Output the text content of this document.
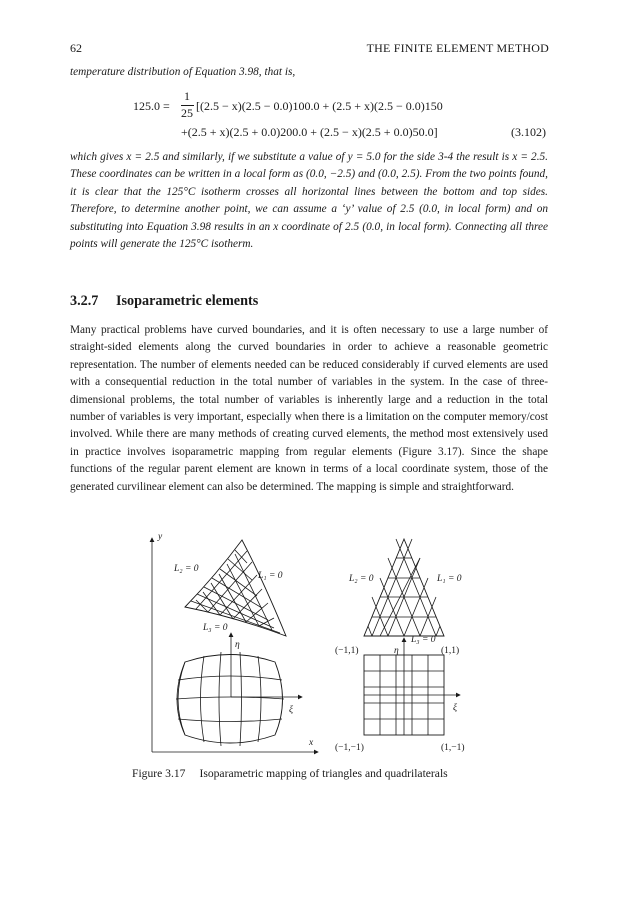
62	THE FINITE ELEMENT METHOD
temperature distribution of Equation 3.98, that is,
125.0 =
1
25 [(2.5 − x)(2.5 − 0.0)100.0 + (2.5 + x)(2.5 − 0.0)150
+(2.5 + x)(2.5 + 0.0)200.0 + (2.5 − x)(2.5 + 0.0)50.0]	(3.102)
which gives x = 2.5 and similarly, if we substitute a value of y = 5.0 for the side 3-4 the result is x = 2.5. These coordinates can be written in a local form as (0.0, −2.5) and (0.0, 2.5). From the two points found, it is clear that the 125°C isotherm crosses all horizontal lines between the bottom and top sides. Therefore, to determine another point, we can assume a ‘y’ value of 2.5 (0.0, in local form) and on substituting into Equation 3.98 results in an x coordinate of 2.5 (0.0, in local form). Connecting all three points will generate the 125°C isotherm.
3.2.7 Isoparametric elements
Many practical problems have curved boundaries, and it is often necessary to use a large number of straight-sided elements along the curved boundaries in order to achieve a reasonable geometric representation. The number of elements needed can be reduced considerably if curved elements are used with a consequential reduction in the total number of variables in the system. In the case of three-dimensional problems, the total number of variables is inherently large and a reduction in the total number of variables is very important, especially when there is a limitation on the computer memory/cost involved. While there are many methods of creating curved elements, the method most extensively used in practice involves isoparametric mapping from regular elements (Figure 3.17). Since the shape functions of the regular parent element are known in terms of a local coordinate system, those of the generated curvilinear element can also be determined. The mapping is simple and straightforward.
y
x
L₂ = 0
L₁ = 0
L₃ = 0
η
ξ
L₂ = 0	L₁ = 0
L₃ = 0
η
ξ
(−1,1)	(1,1)
(−1,−1)	(1,−1)
Figure 3.17 Isoparametric mapping of triangles and quadrilaterals
